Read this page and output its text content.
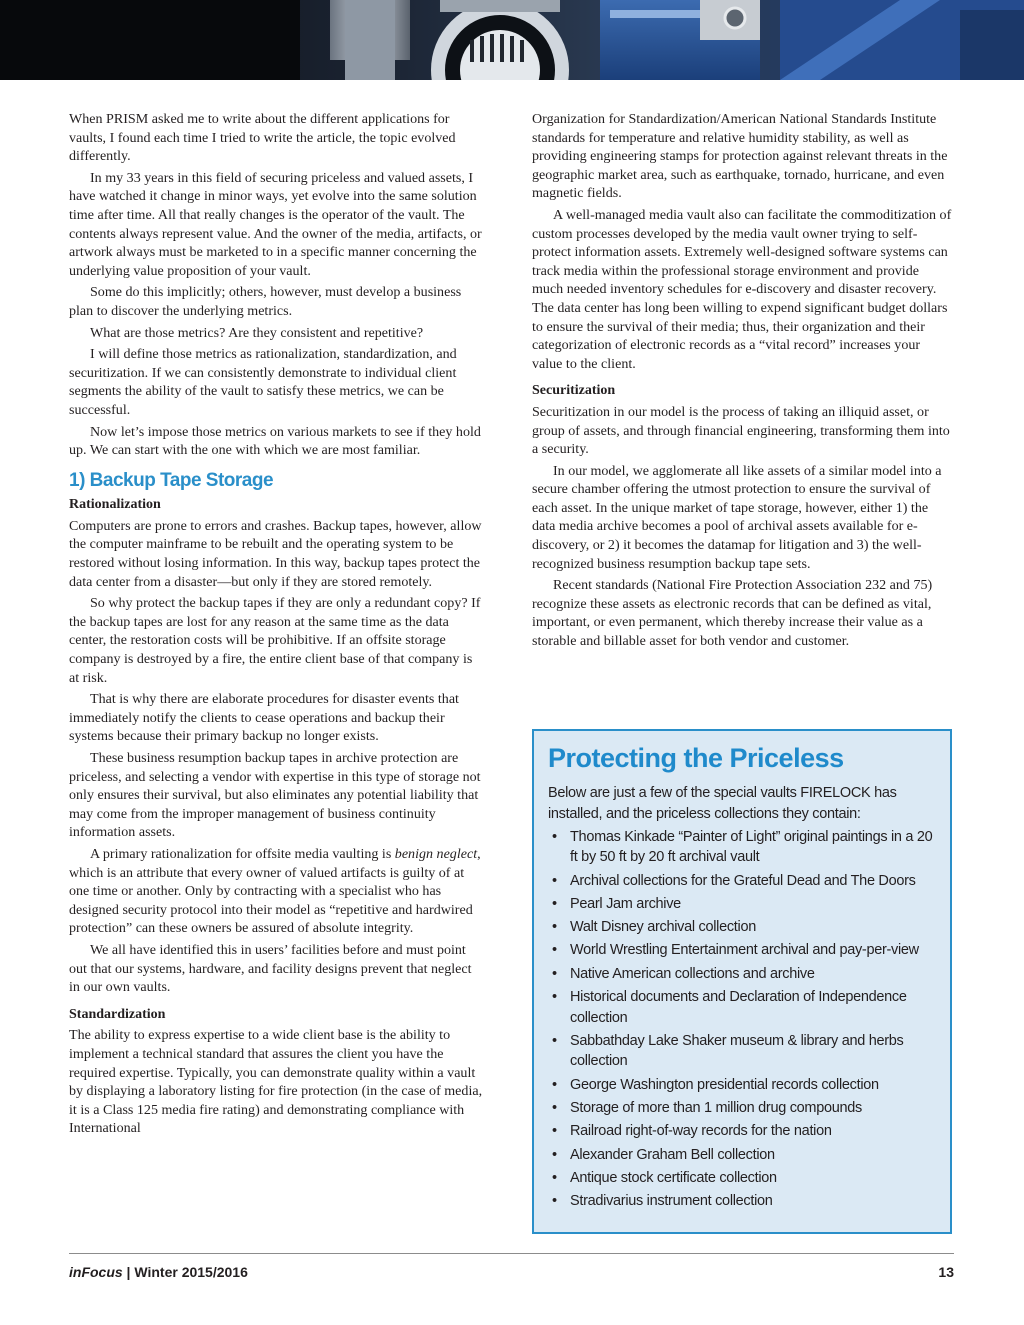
When PRISM asked me to write about the different applications for vaults, I found each time I tried to write the article, the topic evolved differently.

In my 33 years in this field of securing priceless and valued assets, I have watched it change in minor ways, yet evolve into the same solution time after time. All that really changes is the operator of the vault. The contents always represent value. And the owner of the media, artifacts, or artwork always must be marketed to in a specific manner concerning the underlying value proposition of your vault.

Some do this implicitly; others, however, must develop a business plan to discover the underlying metrics.

What are those metrics? Are they consistent and repetitive?

I will define those metrics as rationalization, standardization, and securitization. If we can consistently demonstrate to individual client segments the ability of the vault to satisfy these metrics, we can be successful.

Now let’s impose those metrics on various markets to see if they hold up. We can start with the one with which we are most familiar.

1) Backup Tape Storage
Rationalization

Computers are prone to errors and crashes. Backup tapes, however, allow the computer mainframe to be rebuilt and the operating system to be restored without losing information. In this way, backup tapes protect the data center from a disaster—but only if they are stored remotely.

So why protect the backup tapes if they are only a redundant copy? If the backup tapes are lost for any reason at the same time as the data center, the restoration costs will be prohibitive. If an offsite storage company is destroyed by a fire, the entire client base of that company is at risk.

That is why there are elaborate procedures for disaster events that immediately notify the clients to cease operations and backup their systems because their primary backup no longer exists.

These business resumption backup tapes in archive protection are priceless, and selecting a vendor with expertise in this type of storage not only ensures their survival, but also eliminates any potential liability that may come from the improper management of business continuity information assets.

A primary rationalization for offsite media vaulting is benign neglect, which is an attribute that every owner of valued artifacts is guilty of at one time or another. Only by contracting with a specialist who has designed security protocol into their model as “repetitive and hardwired protection” can these owners be assured of absolute integrity.

We all have identified this in users’ facilities before and must point out that our systems, hardware, and facility designs prevent that neglect in our own vaults.

Standardization

The ability to express expertise to a wide client base is the ability to implement a technical standard that assures the client you have the required expertise. Typically, you can demonstrate quality within a vault by displaying a laboratory listing for fire protection (in the case of media, it is a Class 125 media fire rating) and demonstrating compliance with International

Organization for Standardization/American National Standards Institute standards for temperature and relative humidity stability, as well as providing engineering stamps for protection against relevant threats in the geographic market area, such as earthquake, tornado, hurricane, and even magnetic fields.

A well-managed media vault also can facilitate the commoditization of custom processes developed by the media vault owner trying to self-protect information assets. Extremely well-designed software systems can track media within the professional storage environment and provide much needed inventory schedules for e-discovery and disaster recovery. The data center has long been willing to expend significant budget dollars to ensure the survival of their media; thus, their organization and their categorization of electronic records as a “vital record” increases your value to the client.

Securitization

Securitization in our model is the process of taking an illiquid asset, or group of assets, and through financial engineering, transforming them into a security.

In our model, we agglomerate all like assets of a similar model into a secure chamber offering the utmost protection to ensure the survival of each asset. In the unique market of tape storage, however, either 1) the data media archive becomes a pool of archival assets available for e-discovery, or 2) it becomes the datamap for litigation and 3) the well-recognized business resumption backup tape sets.

Recent standards (National Fire Protection Association 232 and 75) recognize these assets as electronic records that can be defined as vital, important, or even permanent, which thereby increase their value as a storable and billable asset for both vendor and customer.

Protecting the Priceless

Below are just a few of the special vaults FIRELOCK has installed, and the priceless collections they contain:

• Thomas Kinkade “Painter of Light” original paintings in a 20 ft by 50 ft by 20 ft archival vault
• Archival collections for the Grateful Dead and The Doors
• Pearl Jam archive
• Walt Disney archival collection
• World Wrestling Entertainment archival and pay-per-view
• Native American collections and archive
• Historical documents and Declaration of Independence collection
• Sabbathday Lake Shaker museum & library and herbs collection
• George Washington presidential records collection
• Storage of more than 1 million drug compounds
• Railroad right-of-way records for the nation
• Alexander Graham Bell collection
• Antique stock certificate collection
• Stradivarius instrument collection
inFocus | Winter 2015/2016	13
